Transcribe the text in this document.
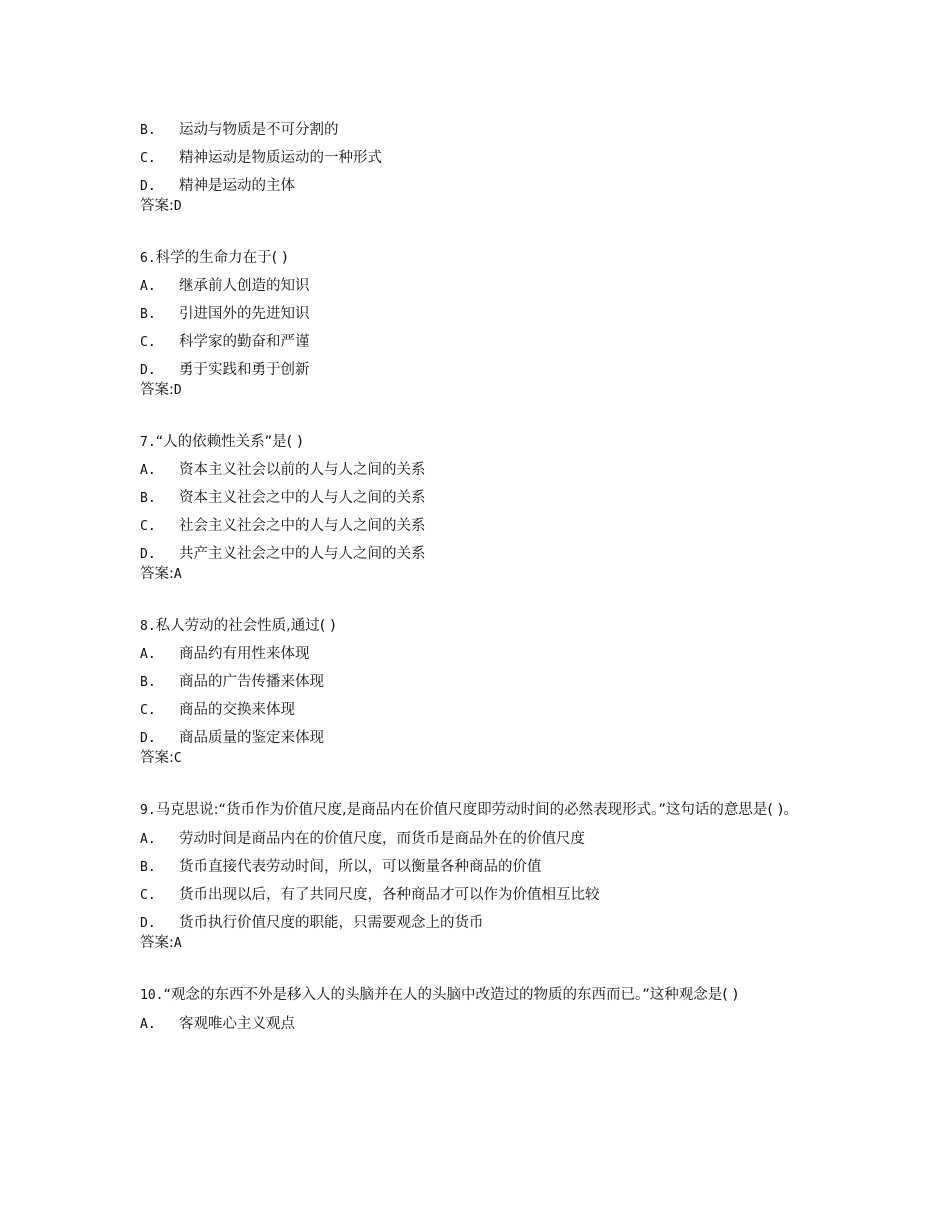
B. 运动与物质是不可分割的
C. 精神运动是物质运动的一种形式
D. 精神是运动的主体
答案:D
6.科学的生命力在于( )
A. 继承前人创造的知识
B. 引进国外的先进知识
C. 科学家的勤奋和严谨
D. 勇于实践和勇于创新
答案:D
7.“人的依赖性关系”是( )
A. 资本主义社会以前的人与人之间的关系
B. 资本主义社会之中的人与人之间的关系
C. 社会主义社会之中的人与人之间的关系
D. 共产主义社会之中的人与人之间的关系
答案:A
8.私人劳动的社会性质,通过( )
A. 商品约有用性来体现
B. 商品的广告传播来体现
C. 商品的交换来体现
D. 商品质量的鉴定来体现
答案:C
9.马克思说:“货币作为价值尺度,是商品内在价值尺度即劳动时间的必然表现形式。”这句话的意思是( )。
A. 劳动时间是商品内在的价值尺度，而货币是商品外在的价值尺度
B. 货币直接代表劳动时间，所以，可以衡量各种商品的价值
C. 货币出现以后，有了共同尺度，各种商品才可以作为价值相互比较
D. 货币执行价值尺度的职能，只需要观念上的货币
答案:A
10.“观念的东西不外是移入人的头脑并在人的头脑中改造过的物质的东西而已。”这种观念是( )
A. 客观唯心主义观点
